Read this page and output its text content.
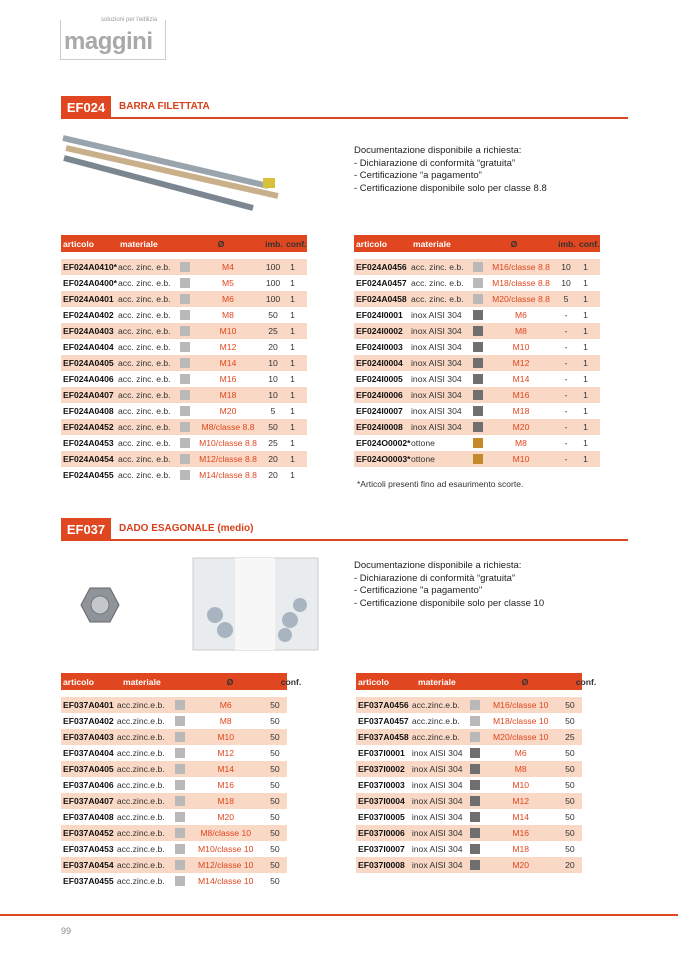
soluzioni per l'edilizia
maggini
EF024	BARRA FILETTATA
Documentazione disponibile a richiesta:
- Dichiarazione di conformità “gratuita”
- Certificazione “a pagamento”
- Certificazione disponibile solo per classe 8.8
articolo	materiale	Ø	imb. conf.
EF024A0410* acc. zinc. e.b.	M4	100	1
EF024A0400* acc. zinc. e.b.	M5	100	1
EF024A0401 acc. zinc. e.b.	M6	100	1
EF024A0402 acc. zinc. e.b.	M8	50	1
EF024A0403 acc. zinc. e.b.	M10	25	1
EF024A0404 acc. zinc. e.b.	M12	20	1
EF024A0405 acc. zinc. e.b.	M14	10	1
EF024A0406 acc. zinc. e.b.	M16	10	1
EF024A0407 acc. zinc. e.b.	M18	10	1
EF024A0408 acc. zinc. e.b.	M20	5	1
EF024A0452 acc. zinc. e.b.	M8/classe 8.8	50	1
EF024A0453 acc. zinc. e.b.	M10/classe 8.8	25	1
EF024A0454 acc. zinc. e.b.	M12/classe 8.8	20	1
EF024A0455 acc. zinc. e.b.	M14/classe 8.8	20	1
articolo	materiale	Ø	imb. conf.
EF024A0456 acc. zinc. e.b.	M16/classe 8.8	10	1
EF024A0457 acc. zinc. e.b.	M18/classe 8.8	10	1
EF024A0458 acc. zinc. e.b.	M20/classe 8.8	5	1
EF024I0001 inox AISI 304	M6	-	1
EF024I0002 inox AISI 304	M8	-	1
EF024I0003 inox AISI 304	M10	-	1
EF024I0004 inox AISI 304	M12	-	1
EF024I0005 inox AISI 304	M14	-	1
EF024I0006 inox AISI 304	M16	-	1
EF024I0007 inox AISI 304	M18	-	1
EF024I0008 inox AISI 304	M20	-	1
EF024O0002* ottone	M8	-	1
EF024O0003* ottone	M10	-	1
*Articoli presenti fino ad esaurimento scorte.
EF037	DADO ESAGONALE (medio)
Documentazione disponibile a richiesta:
- Dichiarazione di conformità “gratuita”
- Certificazione "a pagamento"
- Certificazione disponibile solo per classe 10
articolo	materiale	Ø	conf.
EF037A0401 acc.zinc.e.b.	M6	50
EF037A0402 acc.zinc.e.b.	M8	50
EF037A0403 acc.zinc.e.b.	M10	50
EF037A0404 acc.zinc.e.b.	M12	50
EF037A0405 acc.zinc.e.b.	M14	50
EF037A0406 acc.zinc.e.b.	M16	50
EF037A0407 acc.zinc.e.b.	M18	50
EF037A0408 acc.zinc.e.b.	M20	50
EF037A0452 acc.zinc.e.b.	M8/classe 10	50
EF037A0453 acc.zinc.e.b.	M10/classe 10	50
EF037A0454 acc.zinc.e.b.	M12/classe 10	50
EF037A0455 acc.zinc.e.b.	M14/classe 10	50
articolo	materiale	Ø	conf.
EF037A0456 acc.zinc.e.b.	M16/classe 10	50
EF037A0457 acc.zinc.e.b.	M18/classe 10	50
EF037A0458 acc.zinc.e.b.	M20/classe 10	25
EF037I0001 inox AISI 304	M6	50
EF037I0002 inox AISI 304	M8	50
EF037I0003 inox AISI 304	M10	50
EF037I0004 inox AISI 304	M12	50
EF037I0005 inox AISI 304	M14	50
EF037I0006 inox AISI 304	M16	50
EF037I0007 inox AISI 304	M18	50
EF037I0008 inox AISI 304	M20	20
99
